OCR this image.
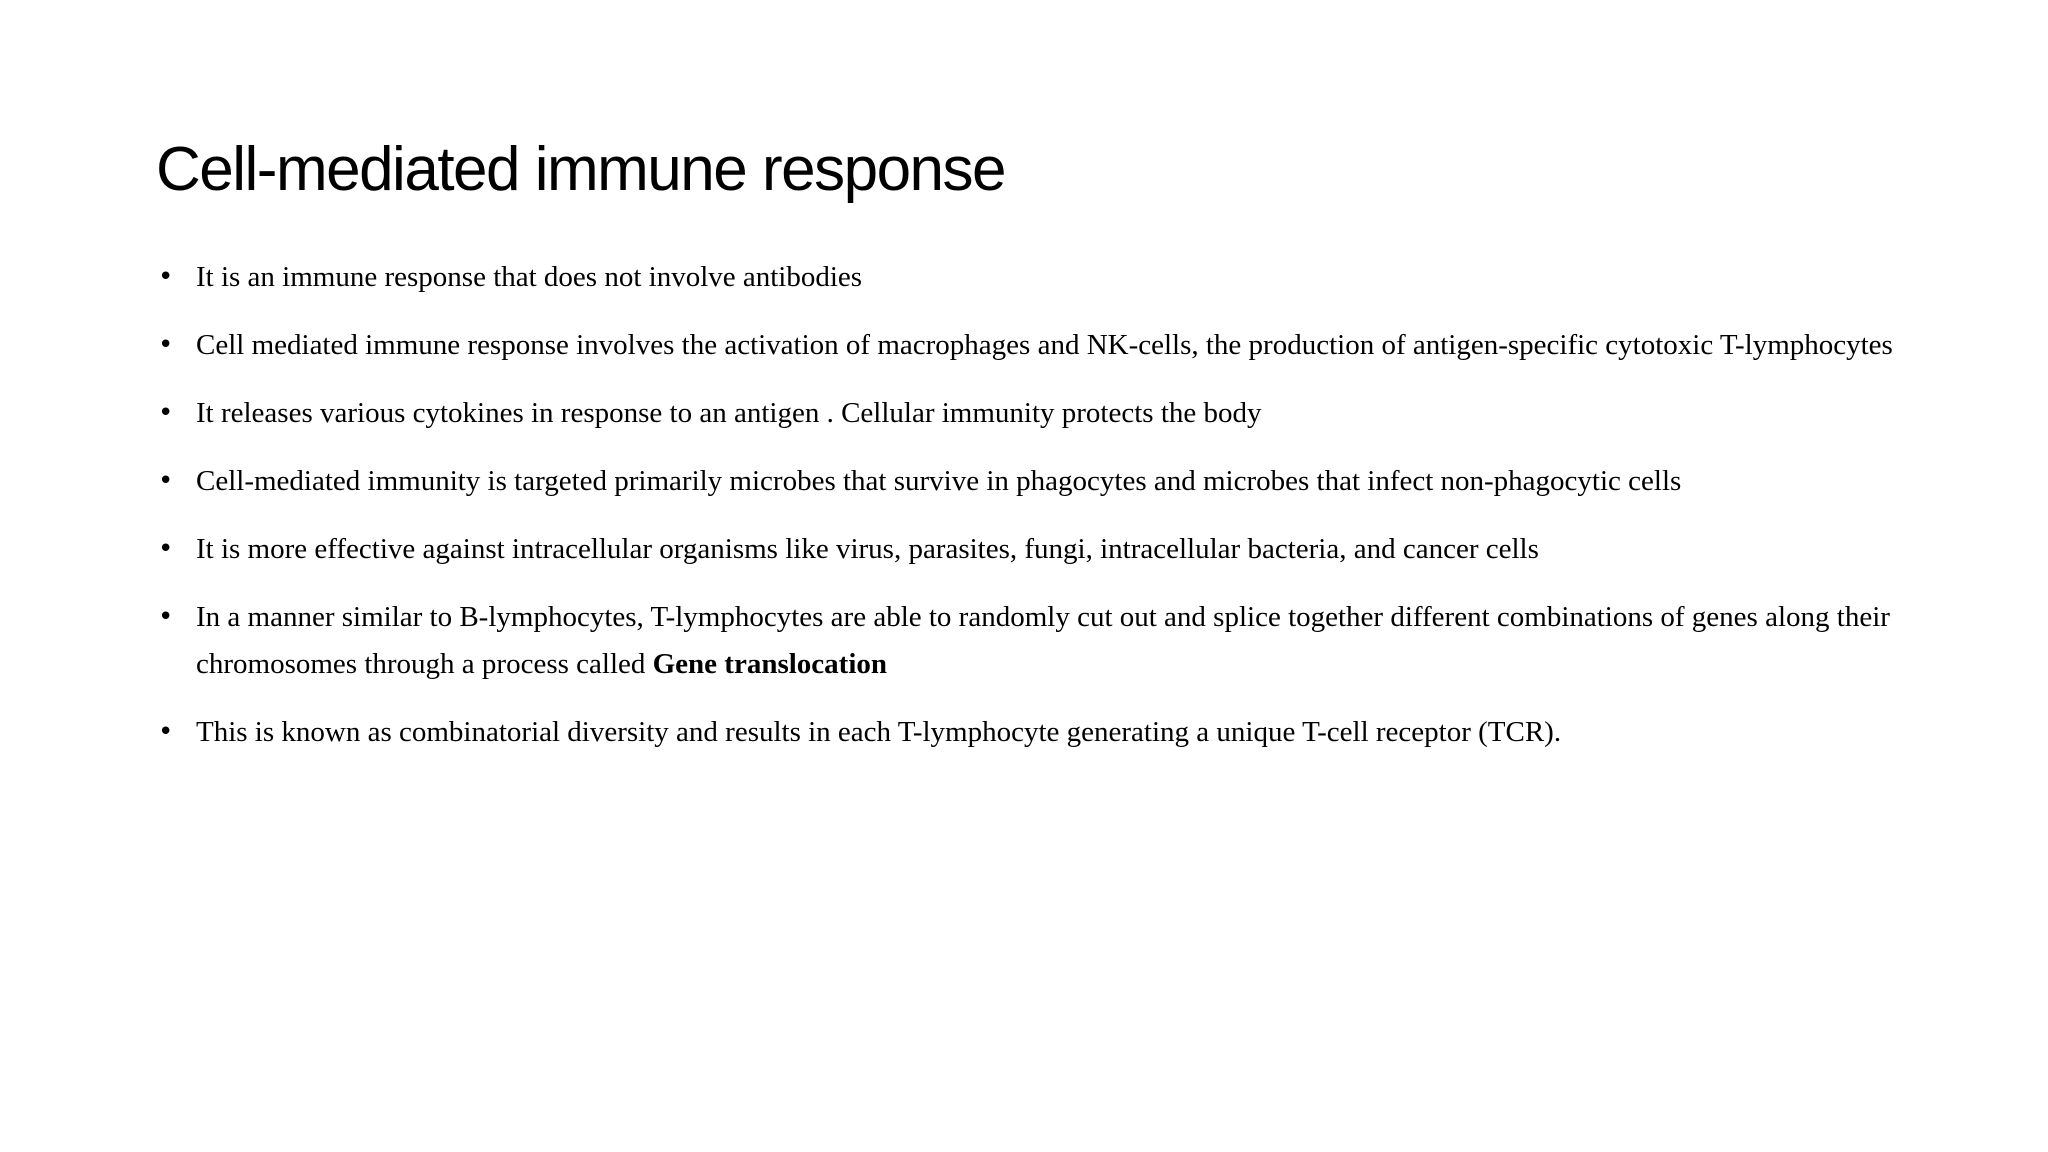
Cell-mediated immune response
• It is an immune response that does not involve antibodies
• Cell mediated immune response involves the activation of macrophages and NK-cells, the production of antigen-specific cytotoxic T-lymphocytes
• It releases various cytokines in response to an antigen . Cellular immunity protects the body
• Cell-mediated immunity is targeted primarily microbes that survive in phagocytes and microbes that infect non-phagocytic cells
• It is more effective against intracellular organisms like virus, parasites, fungi, intracellular bacteria, and cancer cells
• In a manner similar to B-lymphocytes, T-lymphocytes are able to randomly cut out and splice together different combinations of genes along their chromosomes through a process called Gene translocation
• This is known as combinatorial diversity and results in each T-lymphocyte generating a unique T-cell receptor (TCR).
